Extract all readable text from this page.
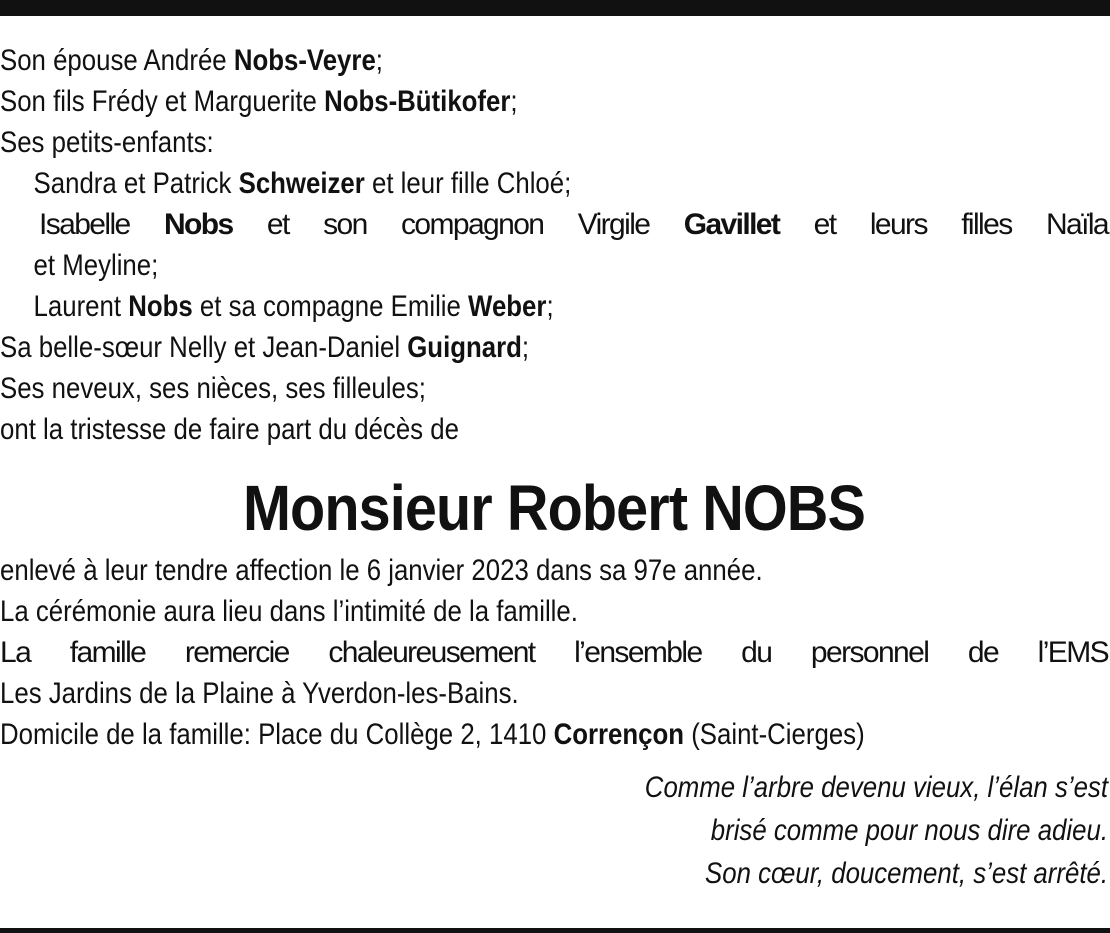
Son épouse Andrée Nobs-Veyre;
Son fils Frédy et Marguerite Nobs-Bütikofer;
Ses petits-enfants:
Sandra et Patrick Schweizer et leur fille Chloé;
Isabelle Nobs et son compagnon Virgile Gavillet et leurs filles Naïla
et Meyline;
Laurent Nobs et sa compagne Emilie Weber;
Sa belle-sœur Nelly et Jean-Daniel Guignard;
Ses neveux, ses nièces, ses filleules;
ont la tristesse de faire part du décès de
Monsieur Robert NOBS
enlevé à leur tendre affection le 6 janvier 2023 dans sa 97e année.
La cérémonie aura lieu dans l’intimité de la famille.
La famille remercie chaleureusement l’ensemble du personnel de l’EMS
Les Jardins de la Plaine à Yverdon-les-Bains.
Domicile de la famille: Place du Collège 2, 1410 Corrençon (Saint-Cierges)
Comme l’arbre devenu vieux, l’élan s’est
brisé comme pour nous dire adieu.
Son cœur, doucement, s’est arrêté.
